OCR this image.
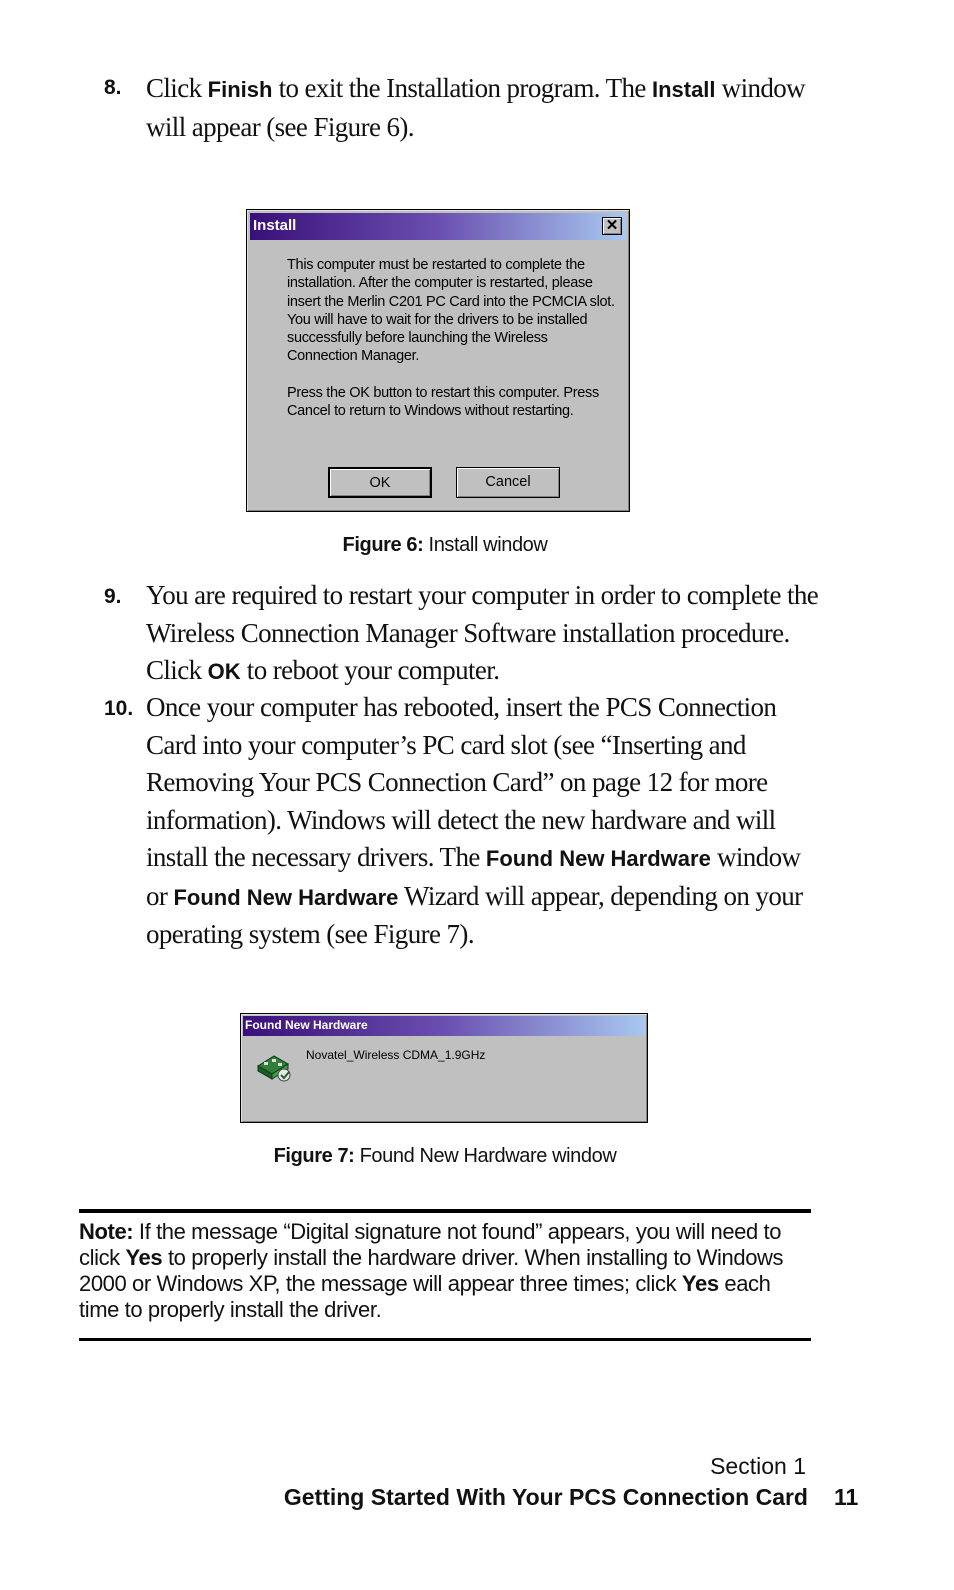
8. Click Finish to exit the Installation program. The Install window will appear (see Figure 6).
Install	✕

This computer must be restarted to complete the installation. After the computer is restarted, please insert the Merlin C201 PC Card into the PCMCIA slot. You will have to wait for the drivers to be installed successfully before launching the Wireless Connection Manager.

Press the OK button to restart this computer. Press Cancel to return to Windows without restarting.

OK	Cancel
Figure 6: Install window
9. You are required to restart your computer in order to complete the Wireless Connection Manager Software installation procedure. Click OK to reboot your computer.
10. Once your computer has rebooted, insert the PCS Connection Card into your computer’s PC card slot (see “Inserting and Removing Your PCS Connection Card” on page 12 for more information). Windows will detect the new hardware and will install the necessary drivers. The Found New Hardware window or Found New Hardware Wizard will appear, depending on your operating system (see Figure 7).
Found New Hardware
Novatel_Wireless CDMA_1.9GHz
Figure 7: Found New Hardware window
Note: If the message “Digital signature not found” appears, you will need to click Yes to properly install the hardware driver. When installing to Windows 2000 or Windows XP, the message will appear three times; click Yes each time to properly install the driver.
Section 1
Getting Started With Your PCS Connection Card 11
